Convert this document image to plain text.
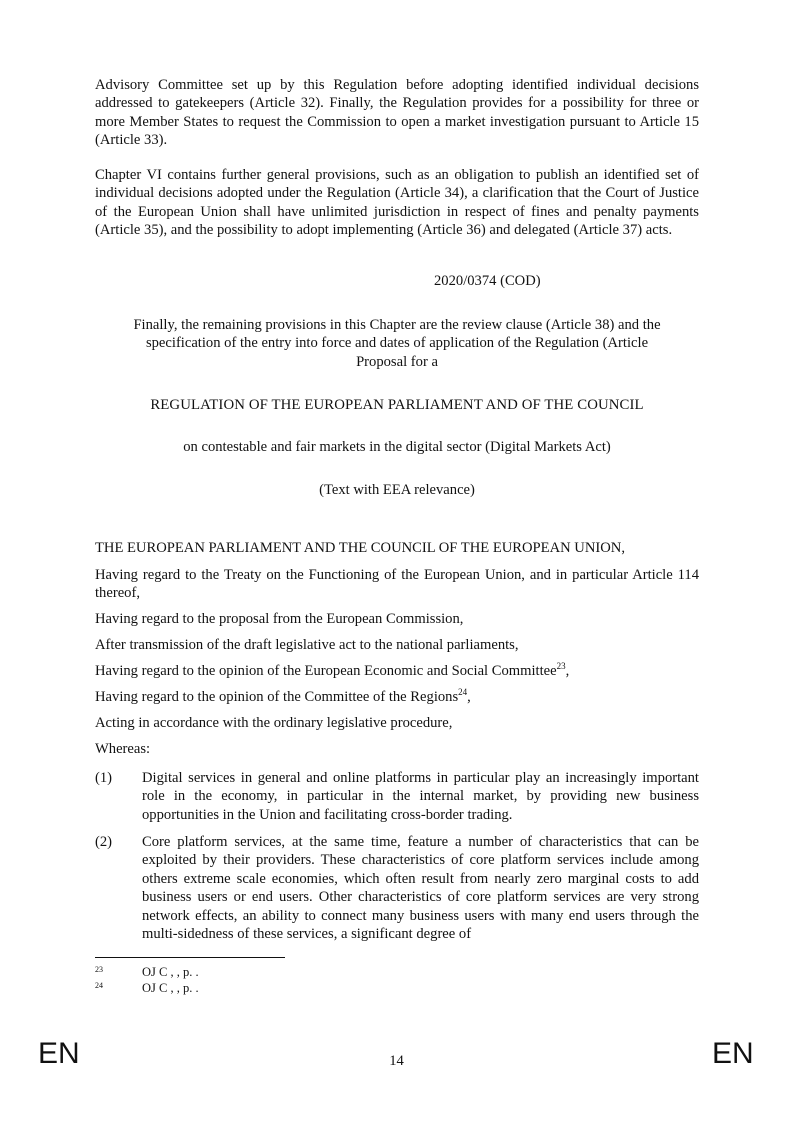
Advisory Committee set up by this Regulation before adopting identified individual decisions addressed to gatekeepers (Article 32). Finally, the Regulation provides for a possibility for three or more Member States to request the Commission to open a market investigation pursuant to Article 15 (Article 33).

Chapter VI contains further general provisions, such as an obligation to publish an identified set of individual decisions adopted under the Regulation (Article 34), a clarification that the Court of Justice of the European Union shall have unlimited jurisdiction in respect of fines and penalty payments (Article 35), and the possibility to adopt implementing (Article 36) and delegated (Article 37) acts.

2020/0374 (COD)
Finally, the remaining provisions in this Chapter are the review clause (Article 38) and the specification of the entry into force and dates of application of the Regulation (Article
Proposal for a
REGULATION OF THE EUROPEAN PARLIAMENT AND OF THE COUNCIL
on contestable and fair markets in the digital sector (Digital Markets Act)
(Text with EEA relevance)

THE EUROPEAN PARLIAMENT AND THE COUNCIL OF THE EUROPEAN UNION,

Having regard to the Treaty on the Functioning of the European Union, and in particular Article 114 thereof,

Having regard to the proposal from the European Commission,

After transmission of the draft legislative act to the national parliaments,

Having regard to the opinion of the European Economic and Social Committee$^{23}$,

Having regard to the opinion of the Committee of the Regions$^{24}$,

Acting in accordance with the ordinary legislative procedure,

Whereas:

(1) Digital services in general and online platforms in particular play an increasingly important role in the economy, in particular in the internal market, by providing new business opportunities in the Union and facilitating cross-border trading.
(2) Core platform services, at the same time, feature a number of characteristics that can be exploited by their providers. These characteristics of core platform services include among others extreme scale economies, which often result from nearly zero marginal costs to add business users or end users. Other characteristics of core platform services are very strong network effects, an ability to connect many business users with many end users through the multi-sidedness of these services, a significant degree of
23	OJ C , , p. .
24	OJ C , , p. .
EN	14	EN
